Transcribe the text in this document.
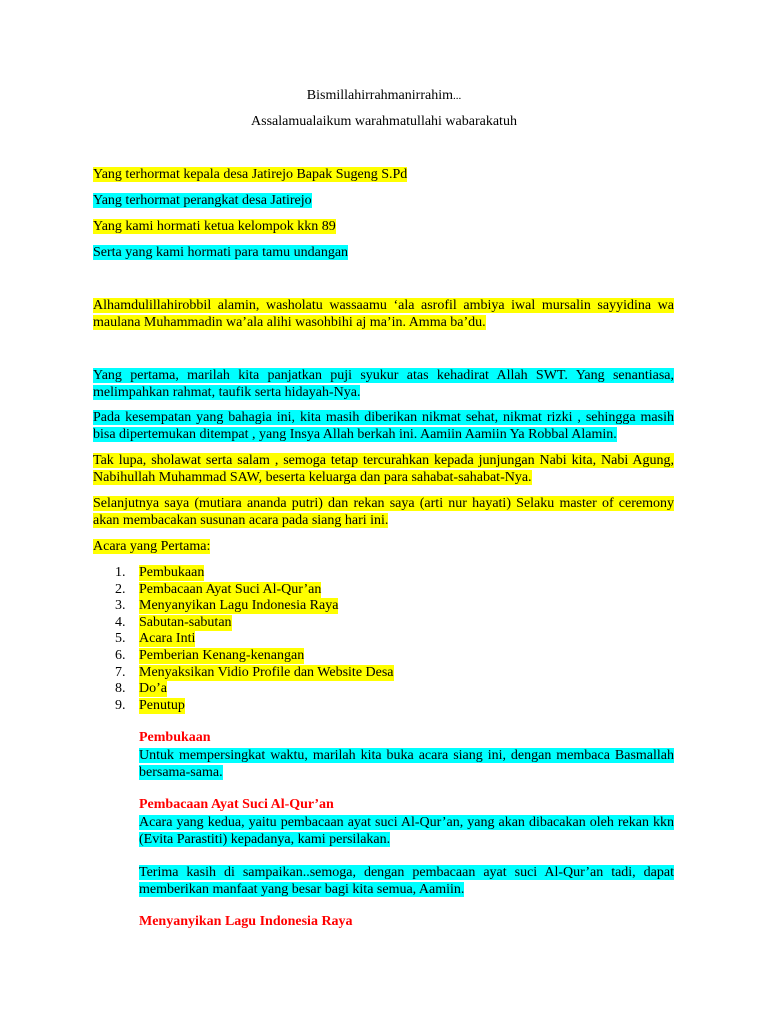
Bismillahirrahmanirrahim...
Assalamualaikum warahmatullahi wabarakatuh
Yang terhormat kepala desa Jatirejo Bapak Sugeng S.Pd
Yang terhormat perangkat desa Jatirejo
Yang kami hormati ketua kelompok kkn 89
Serta yang kami hormati para tamu undangan
Alhamdulillahirobbil alamin, washolatu wassaamu ‘ala asrofil ambiya iwal mursalin sayyidina wa maulana Muhammadin wa’ala alihi wasohbihi aj ma’in. Amma ba’du.
Yang pertama, marilah kita panjatkan puji syukur atas kehadirat Allah SWT. Yang senantiasa, melimpahkan rahmat, taufik serta hidayah-Nya.
Pada kesempatan yang bahagia ini, kita masih diberikan nikmat sehat, nikmat rizki , sehingga masih bisa dipertemukan ditempat , yang Insya Allah berkah ini. Aamiin Aamiin Ya Robbal Alamin.
Tak lupa, sholawat serta salam , semoga tetap tercurahkan kepada junjungan Nabi kita, Nabi Agung, Nabihullah Muhammad SAW, beserta keluarga dan para sahabat-sahabat-Nya.
Selanjutnya saya (mutiara ananda putri) dan rekan saya (arti nur hayati) Selaku master of ceremony akan membacakan susunan acara pada siang hari ini.
Acara yang Pertama:
1. Pembukaan
2. Pembacaan Ayat Suci Al-Qur’an
3. Menyanyikan Lagu Indonesia Raya
4. Sabutan-sabutan
5. Acara Inti
6. Pemberian Kenang-kenangan
7. Menyaksikan Vidio Profile dan Website Desa
8. Do’a
9. Penutup
Pembukaan
Untuk mempersingkat waktu, marilah kita buka acara siang ini, dengan membaca Basmallah bersama-sama.
Pembacaan Ayat Suci Al-Qur’an
Acara yang kedua, yaitu pembacaan ayat suci Al-Qur’an, yang akan dibacakan oleh rekan kkn (Evita Parastiti) kepadanya, kami persilakan.
Terima kasih di sampaikan..semoga, dengan pembacaan ayat suci Al-Qur’an tadi, dapat memberikan manfaat yang besar bagi kita semua, Aamiin.
Menyanyikan Lagu Indonesia Raya
